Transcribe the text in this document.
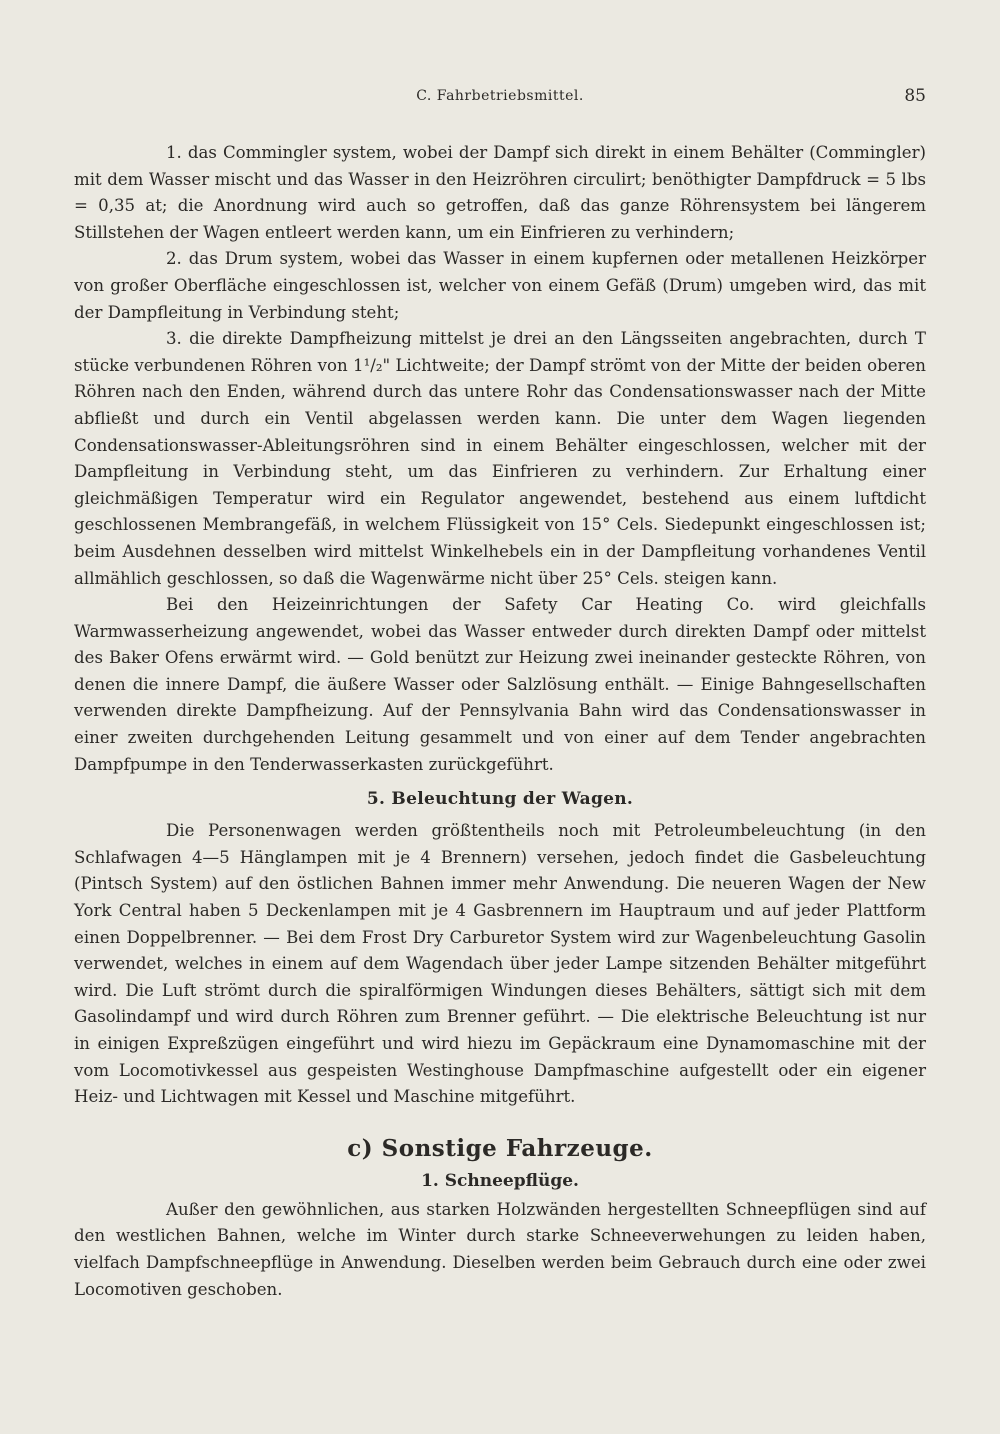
C. Fahrbetriebsmittel.	85

1. das Commingler system, wobei der Dampf sich direkt in einem Behälter (Commingler) mit dem Wasser mischt und das Wasser in den Heizröhren circulirt; benöthigter Dampfdruck = 5 lbs = 0,35 at; die Anordnung wird auch so getroffen, daß das ganze Röhrensystem bei längerem Stillstehen der Wagen entleert werden kann, um ein Einfrieren zu verhindern;

2. das Drum system, wobei das Wasser in einem kupfernen oder metallenen Heizkörper von großer Oberfläche eingeschlossen ist, welcher von einem Gefäß (Drum) umgeben wird, das mit der Dampfleitung in Verbindung steht;

3. die direkte Dampfheizung mittelst je drei an den Längsseiten angebrachten, durch T stücke verbundenen Röhren von 1¹/₂" Lichtweite; der Dampf strömt von der Mitte der beiden oberen Röhren nach den Enden, während durch das untere Rohr das Condensationswasser nach der Mitte abfließt und durch ein Ventil abgelassen werden kann. Die unter dem Wagen liegenden Condensationswasser-Ableitungsröhren sind in einem Behälter eingeschlossen, welcher mit der Dampfleitung in Verbindung steht, um das Einfrieren zu verhindern. Zur Erhaltung einer gleichmäßigen Temperatur wird ein Regulator angewendet, bestehend aus einem luftdicht geschlossenen Membrangefäß, in welchem Flüssigkeit von 15° Cels. Siedepunkt eingeschlossen ist; beim Ausdehnen desselben wird mittelst Winkelhebels ein in der Dampfleitung vorhandenes Ventil allmählich geschlossen, so daß die Wagenwärme nicht über 25° Cels. steigen kann.

Bei den Heizeinrichtungen der Safety Car Heating Co. wird gleichfalls Warmwasserheizung angewendet, wobei das Wasser entweder durch direkten Dampf oder mittelst des Baker Ofens erwärmt wird. — Gold benützt zur Heizung zwei ineinander gesteckte Röhren, von denen die innere Dampf, die äußere Wasser oder Salzlösung enthält. — Einige Bahngesellschaften verwenden direkte Dampfheizung. Auf der Pennsylvania Bahn wird das Condensationswasser in einer zweiten durchgehenden Leitung gesammelt und von einer auf dem Tender angebrachten Dampfpumpe in den Tenderwasserkasten zurückgeführt.

5. Beleuchtung der Wagen.

Die Personenwagen werden größtentheils noch mit Petroleumbeleuchtung (in den Schlafwagen 4—5 Hänglampen mit je 4 Brennern) versehen, jedoch findet die Gasbeleuchtung (Pintsch System) auf den östlichen Bahnen immer mehr Anwendung. Die neueren Wagen der New York Central haben 5 Deckenlampen mit je 4 Gasbrennern im Hauptraum und auf jeder Plattform einen Doppelbrenner. — Bei dem Frost Dry Carburetor System wird zur Wagenbeleuchtung Gasolin verwendet, welches in einem auf dem Wagendach über jeder Lampe sitzenden Behälter mitgeführt wird. Die Luft strömt durch die spiralförmigen Windungen dieses Behälters, sättigt sich mit dem Gasolindampf und wird durch Röhren zum Brenner geführt. — Die elektrische Beleuchtung ist nur in einigen Expreßzügen eingeführt und wird hiezu im Gepäckraum eine Dynamomaschine mit der vom Locomotivkessel aus gespeisten Westinghouse Dampfmaschine aufgestellt oder ein eigener Heiz- und Lichtwagen mit Kessel und Maschine mitgeführt.

c) Sonstige Fahrzeuge.
1. Schneepflüge.

Außer den gewöhnlichen, aus starken Holzwänden hergestellten Schneepflügen sind auf den westlichen Bahnen, welche im Winter durch starke Schneeverwehungen zu leiden haben, vielfach Dampfschneepflüge in Anwendung. Dieselben werden beim Gebrauch durch eine oder zwei Locomotiven geschoben.
